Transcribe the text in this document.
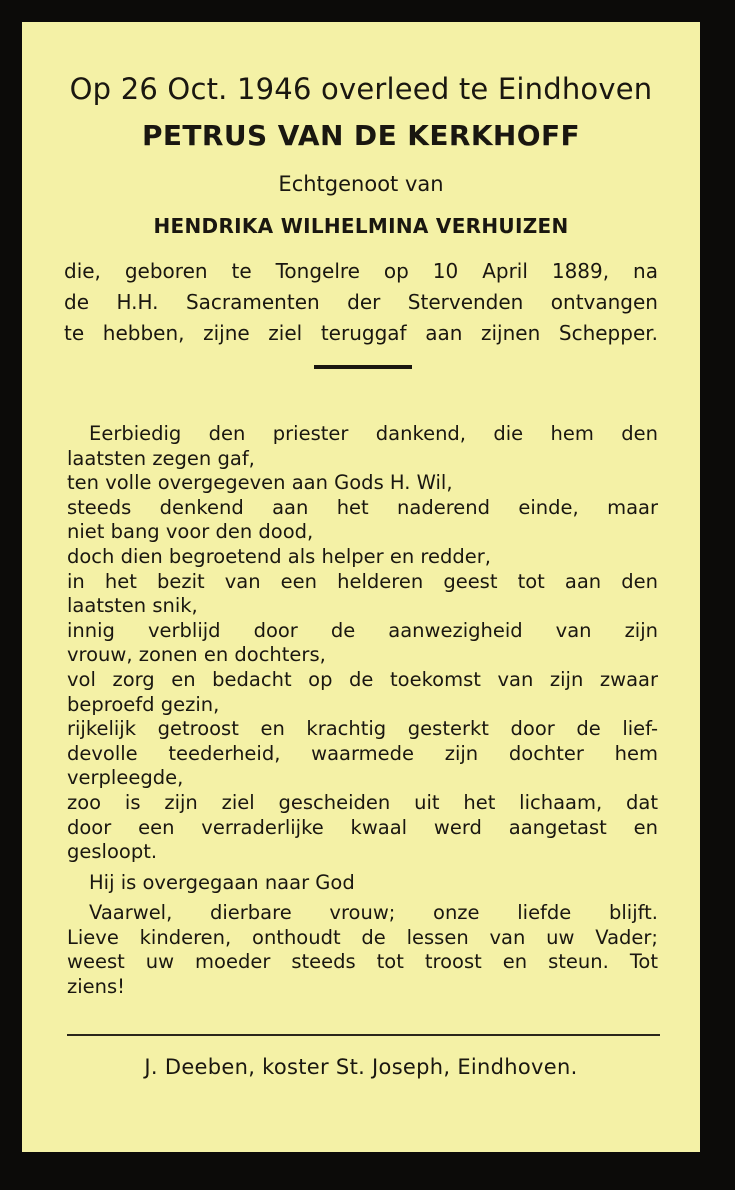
Op 26 Oct. 1946 overleed te Eindhoven
PETRUS VAN DE KERKHOFF
Echtgenoot van
HENDRIKA WILHELMINA VERHUIZEN
die, geboren te Tongelre op 10 April 1889, na
de H.H. Sacramenten der Stervenden ontvangen
te hebben, zijne ziel teruggaf aan zijnen Schepper.
Eerbiedig den priester dankend, die hem den
laatsten zegen gaf,
ten volle overgegeven aan Gods H. Wil,
steeds denkend aan het naderend einde, maar
niet bang voor den dood,
doch dien begroetend als helper en redder,
in het bezit van een helderen geest tot aan den
laatsten snik,
innig verblijd door de aanwezigheid van zijn
vrouw, zonen en dochters,
vol zorg en bedacht op de toekomst van zijn zwaar
beproefd gezin,
rijkelijk getroost en krachtig gesterkt door de lief-
devolle teederheid, waarmede zijn dochter hem
verpleegde,
zoo is zijn ziel gescheiden uit het lichaam, dat
door een verraderlijke kwaal werd aangetast en
gesloopt.
Hij is overgegaan naar God
Vaarwel, dierbare vrouw; onze liefde blijft.
Lieve kinderen, onthoudt de lessen van uw Vader;
weest uw moeder steeds tot troost en steun. Tot
ziens!
J. Deeben, koster St. Joseph, Eindhoven.
